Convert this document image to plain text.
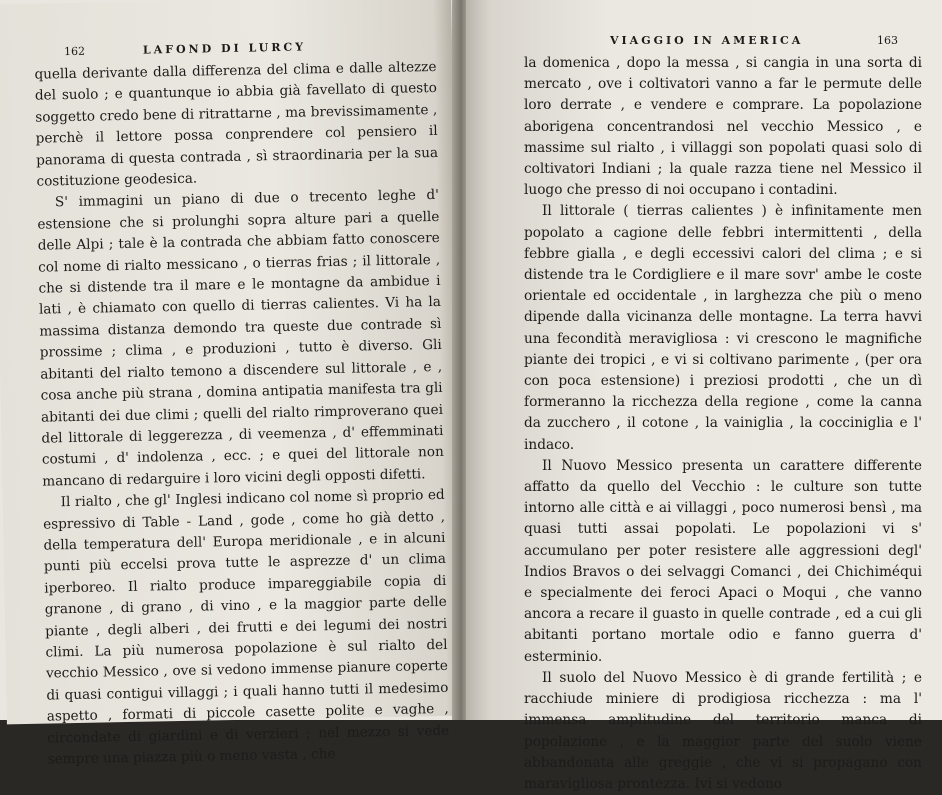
162	LAFOND DI LURCY

quella derivante dalla differenza del clima e dalle altezze del suolo ; e quantunque io abbia già favellato di questo soggetto credo bene di ritrattarne , ma brevissimamente , perchè il lettore possa conprendere col pensiero il panorama di questa contrada , sì straordinaria per la sua costituzione geodesica.

S' immagini un piano di due o trecento leghe d' estensione che si prolunghi sopra alture pari a quelle delle Alpi ; tale è la contrada che abbiam fatto conoscere col nome di rialto messicano , o tierras frias ; il littorale , che si distende tra il mare e le montagne da ambidue i lati , è chiamato con quello di tierras calientes. Vi ha la massima distanza demondo tra queste due contrade sì prossime ; clima , e produzioni , tutto è diverso. Gli abitanti del rialto temono a discendere sul littorale , e , cosa anche più strana , domina antipatia manifesta tra gli abitanti dei due climi ; quelli del rialto rimproverano quei del littorale di leggerezza , di veemenza , d' effemminati costumi , d' indolenza , ecc. ; e quei del littorale non mancano di redarguire i loro vicini degli opposti difetti.

Il rialto , che gl' Inglesi indicano col nome sì proprio ed espressivo di Table - Land , gode , come ho già detto , della temperatura dell' Europa meridionale , e in alcuni punti più eccelsi prova tutte le asprezze d' un clima iperboreo. Il rialto produce impareggiabile copia di granone , di grano , di vino , e la maggior parte delle piante , degli alberi , dei frutti e dei legumi dei nostri climi. La più numerosa popolazione è sul rialto del vecchio Messico , ove si vedono immense pianure coperte di quasi contigui villaggi ; i quali hanno tutti il medesimo aspetto , formati di piccole casette polite e vaghe , circondate di giardini e di verzieri ; nel mezzo si vede sempre una piazza più o meno vasta , che

VIAGGIO IN AMERICA	163

la domenica , dopo la messa , si cangia in una sorta di mercato , ove i coltivatori vanno a far le permute delle loro derrate , e vendere e comprare. La popolazione aborigena concentrandosi nel vecchio Messico , e massime sul rialto , i villaggi son popolati quasi solo di coltivatori Indiani ; la quale razza tiene nel Messico il luogo che presso di noi occupano i contadini.

Il littorale ( tierras calientes ) è infinitamente men popolato a cagione delle febbri intermittenti , della febbre gialla , e degli eccessivi calori del clima ; e si distende tra le Cordigliere e il mare sovr' ambe le coste orientale ed occidentale , in larghezza che più o meno dipende dalla vicinanza delle montagne. La terra havvi una fecondità meravigliosa : vi crescono le magnifiche piante dei tropici , e vi si coltivano parimente , (per ora con poca estensione) i preziosi prodotti , che un dì formeranno la ricchezza della regione , come la canna da zucchero , il cotone , la vainiglia , la cocciniglia e l' indaco.

Il Nuovo Messico presenta un carattere differente affatto da quello del Vecchio : le culture son tutte intorno alle città e ai villaggi , poco numerosi bensì , ma quasi tutti assai popolati. Le popolazioni vi s' accumulano per poter resistere alle aggressioni degl' Indios Bravos o dei selvaggi Comanci , dei Chichiméqui e specialmente dei feroci Apaci o Moqui , che vanno ancora a recare il guasto in quelle contrade , ed a cui gli abitanti portano mortale odio e fanno guerra d' esterminio.

Il suolo del Nuovo Messico è di grande fertilità ; e racchiude miniere di prodigiosa ricchezza : ma l' immensa amplitudine del territorio manca di popolazione , e la maggior parte del suolo viene abbandonata alle greggie , che vi si propagano con maravigliosa prontezza. Ivi si vedono
